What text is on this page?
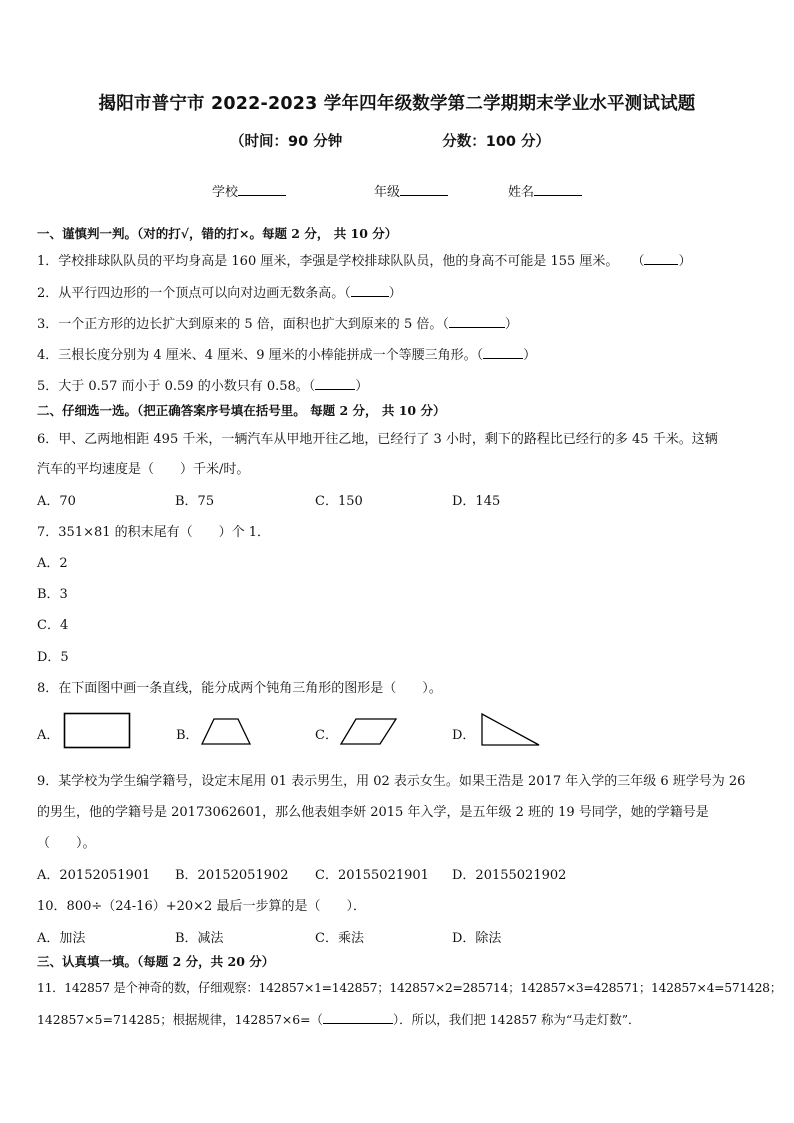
揭阳市普宁市 2022-2023 学年四年级数学第二学期期末学业水平测试试题
（时间：90 分钟	分数：100 分）
学校	年级	姓名
一、谨慎判一判。（对的打√，错的打×。每题 2 分， 共 10 分）
1．学校排球队队员的平均身高是 160 厘米，李强是学校排球队队员，他的身高不可能是 155 厘米。　　 （	）
2．从平行四边形的一个顶点可以向对边画无数条高。（	）
3．一个正方形的边长扩大到原来的 5 倍，面积也扩大到原来的 5 倍。（	）
4．三根长度分别为 4 厘米、4 厘米、9 厘米的小棒能拼成一个等腰三角形。（	）
5．大于 0.57 而小于 0.59 的小数只有 0.58。（	）
二、仔细选一选。（把正确答案序号填在括号里。 每题 2 分， 共 10 分）
6．甲、乙两地相距 495 千米，一辆汽车从甲地开往乙地，已经行了 3 小时，剩下的路程比已经行的多 45 千米。这辆
汽车的平均速度是（　　）千米/时。
A．70	B．75	C．150	D．145
7．351×81 的积末尾有（　　）个 1．
A．2
B．3
C．4
D．5
8．在下面图中画一条直线，能分成两个钝角三角形的图形是（　　）。
A．	B．	C．	D．
9．某学校为学生编学籍号，设定末尾用 01 表示男生，用 02 表示女生。如果王浩是 2017 年入学的三年级 6 班学号为 26
的男生，他的学籍号是 20173062601，那么他表姐李妍 2015 年入学，是五年级 2 班的 19 号同学，她的学籍号是
（　　）。
A．20152051901 B．20152051902 C．20155021901 D．20155021902
10．800÷（24-16）+20×2 最后一步算的是（　　）．
A．加法	B．减法	C．乘法	D．除法
三、认真填一填。（每题 2 分，共 20 分）
11．142857 是个神奇的数，仔细观察：142857×1=142857；142857×2=285714；142857×3=428571；142857×4=571428；
142857×5=714285；根据规律，142857×6=（	）．所以，我们把 142857 称为“马走灯数”．
